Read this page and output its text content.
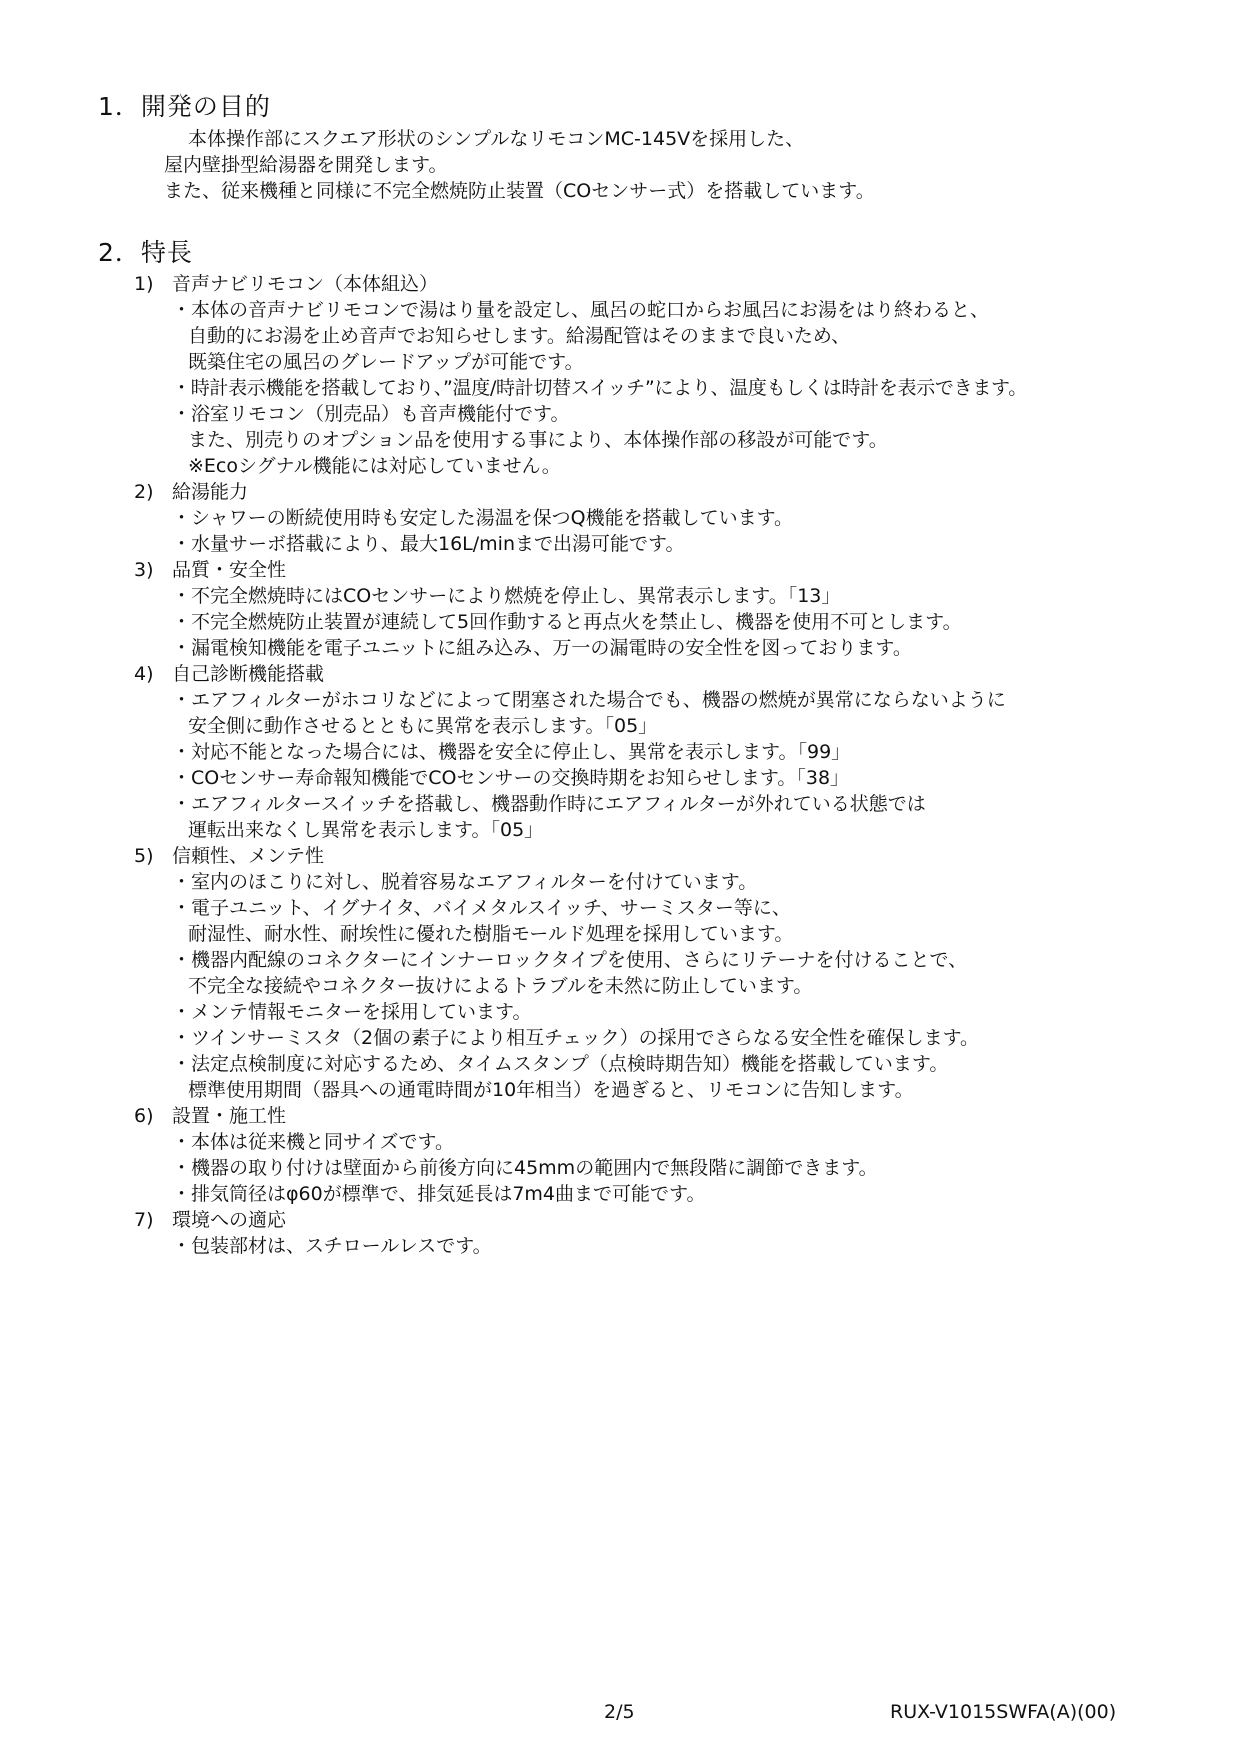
1．開発の目的
本体操作部にスクエア形状のシンプルなリモコンMC-145Vを採用した、
屋内壁掛型給湯器を開発します。
また、従来機種と同様に不完全燃焼防止装置（COセンサー式）を搭載しています。
2．特長
1) 音声ナビリモコン（本体組込）
・本体の音声ナビリモコンで湯はり量を設定し、風呂の蛇口からお風呂にお湯をはり終わると、
自動的にお湯を止め音声でお知らせします。給湯配管はそのままで良いため、
既築住宅の風呂のグレードアップが可能です。
・時計表示機能を搭載しており、”温度/時計切替スイッチ”により、温度もしくは時計を表示できます。
・浴室リモコン（別売品）も音声機能付です。
また、別売りのオプション品を使用する事により、本体操作部の移設が可能です。
※Ecoシグナル機能には対応していません。
2) 給湯能力
・シャワーの断続使用時も安定した湯温を保つQ機能を搭載しています。
・水量サーボ搭載により、最大16L/minまで出湯可能です。
3) 品質・安全性
・不完全燃焼時にはCOセンサーにより燃焼を停止し、異常表示します。「13」
・不完全燃焼防止装置が連続して5回作動すると再点火を禁止し、機器を使用不可とします。
・漏電検知機能を電子ユニットに組み込み、万一の漏電時の安全性を図っております。
4) 自己診断機能搭載
・エアフィルターがホコリなどによって閉塞された場合でも、機器の燃焼が異常にならないように
安全側に動作させるとともに異常を表示します。「05」
・対応不能となった場合には、機器を安全に停止し、異常を表示します。「99」
・COセンサー寿命報知機能でCOセンサーの交換時期をお知らせします。「38」
・エアフィルタースイッチを搭載し、機器動作時にエアフィルターが外れている状態では
運転出来なくし異常を表示します。「05」
5) 信頼性、メンテ性
・室内のほこりに対し、脱着容易なエアフィルターを付けています。
・電子ユニット、イグナイタ、バイメタルスイッチ、サーミスター等に、
耐湿性、耐水性、耐埃性に優れた樹脂モールド処理を採用しています。
・機器内配線のコネクターにインナーロックタイプを使用、さらにリテーナを付けることで、
不完全な接続やコネクター抜けによるトラブルを未然に防止しています。
・メンテ情報モニターを採用しています。
・ツインサーミスタ（2個の素子により相互チェック）の採用でさらなる安全性を確保します。
・法定点検制度に対応するため、タイムスタンプ（点検時期告知）機能を搭載しています。
標準使用期間（器具への通電時間が10年相当）を過ぎると、リモコンに告知します。
6) 設置・施工性
・本体は従来機と同サイズです。
・機器の取り付けは壁面から前後方向に45mmの範囲内で無段階に調節できます。
・排気筒径はφ60が標準で、排気延長は7m4曲まで可能です。
7) 環境への適応
・包装部材は、スチロールレスです。
2/5	RUX-V1015SWFA(A)(00)
